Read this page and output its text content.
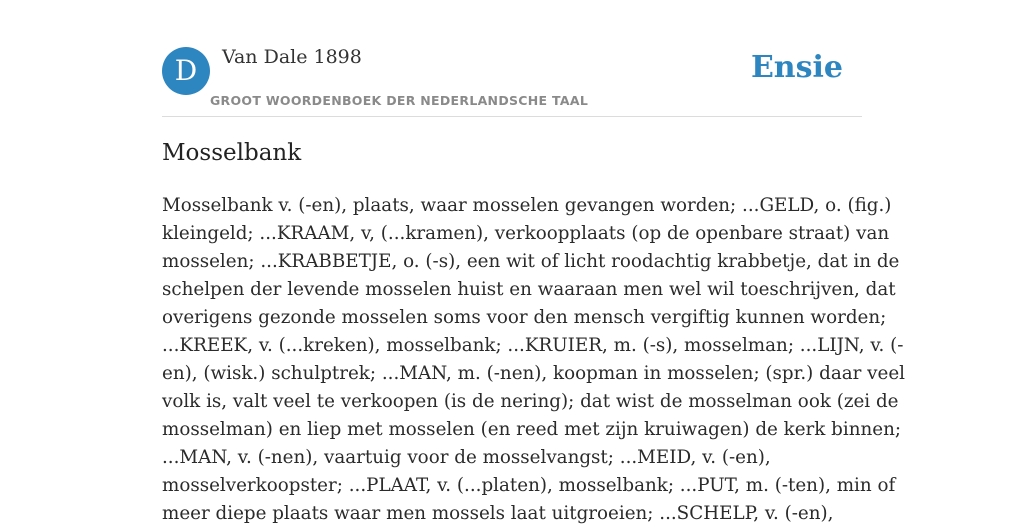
D	Van Dale 1898
GROOT WOORDENBOEK DER NEDERLANDSCHE TAAL
Ensie
Mosselbank
Mosselbank v. (-en), plaats, waar mosselen gevangen worden; ...GELD, o. (fig.)
kleingeld; ...KRAAM, v, (...kramen), verkoopplaats (op de openbare straat) van
mosselen; ...KRABBETJE, o. (-s), een wit of licht roodachtig krabbetje, dat in de
schelpen der levende mosselen huist en waaraan men wel wil toeschrijven, dat
overigens gezonde mosselen soms voor den mensch vergiftig kunnen worden;
...KREEK, v. (...kreken), mosselbank; ...KRUIER, m. (-s), mosselman; ...LIJN, v. (-
en), (wisk.) schulptrek; ...MAN, m. (-nen), koopman in mosselen; (spr.) daar veel
volk is, valt veel te verkoopen (is de nering); dat wist de mosselman ook (zei de
mosselman) en liep met mosselen (en reed met zijn kruiwagen) de kerk binnen;
...MAN, v. (-nen), vaartuig voor de mosselvangst; ...MEID, v. (-en),
mosselverkoopster; ...PLAAT, v. (...platen), mosselbank; ...PUT, m. (-ten), min of
meer diepe plaats waar men mossels laat uitgroeien; ...SCHELP, v. (-en),
